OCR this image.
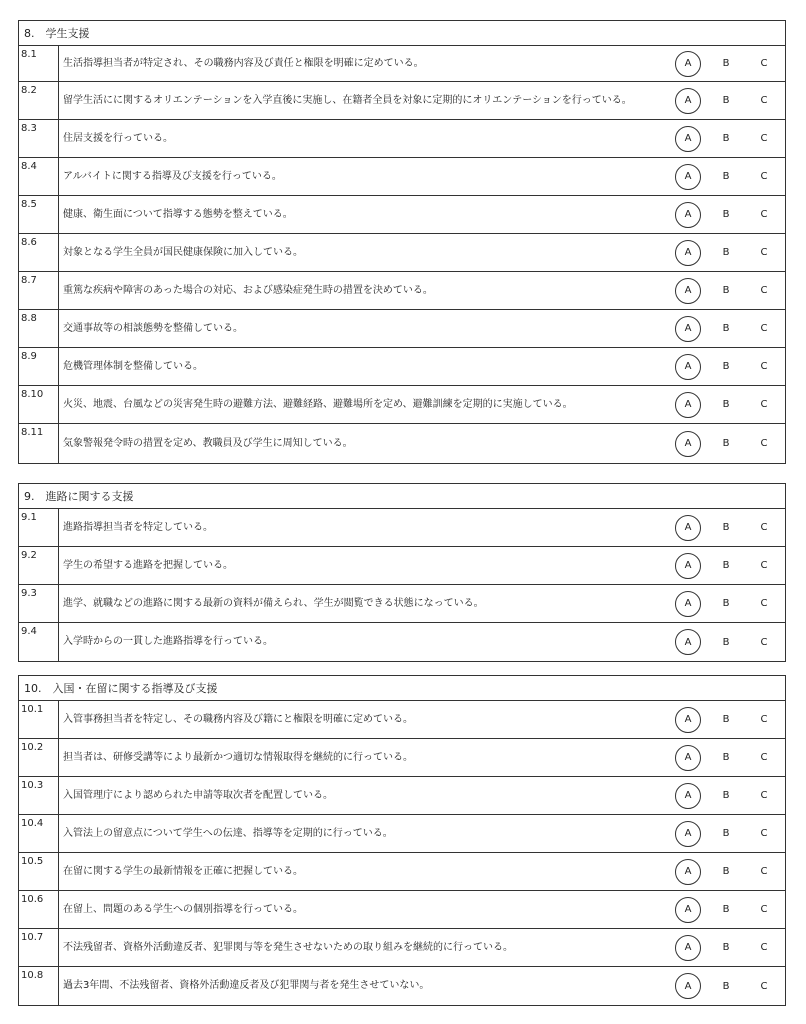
8.　学生支援
8.1
生活指導担当者が特定され、その職務内容及び責任と権限を明確に定めている。	A	B	C
8.2
留学生活にに関するオリエンテーションを入学直後に実施し、在籍者全員を対象に定期的にオリエンテーションを行っている。	A	B	C
8.3
住居支援を行っている。	A	B	C
8.4
アルバイトに関する指導及び支援を行っている。	A	B	C
8.5
健康、衛生面について指導する態勢を整えている。	A	B	C
8.6
対象となる学生全員が国民健康保険に加入している。	A	B	C
8.7
重篤な疾病や障害のあった場合の対応、および感染症発生時の措置を決めている。	A	B	C
8.8
交通事故等の相談態勢を整備している。	A	B	C
8.9
危機管理体制を整備している。	A	B	C
8.10
火災、地震、台風などの災害発生時の避難方法、避難経路、避難場所を定め、避難訓練を定期的に実施している。	A	B	C
8.11
気象警報発令時の措置を定め、教職員及び学生に周知している。	A	B	C
9.　進路に関する支援
9.1
進路指導担当者を特定している。	A	B	C
9.2
学生の希望する進路を把握している。	A	B	C
9.3
進学、就職などの進路に関する最新の資料が備えられ、学生が閲覧できる状態になっている。	A	B	C
9.4
入学時からの一貫した進路指導を行っている。	A	B	C
10.　入国・在留に関する指導及び支援
10.1
入管事務担当者を特定し、その職務内容及び籍にと権限を明確に定めている。	A	B	C
10.2
担当者は、研修受講等により最新かつ適切な情報取得を継続的に行っている。	A	B	C
10.3
入国管理庁により認められた申請等取次者を配置している。	A	B	C
10.4
入管法上の留意点について学生への伝達、指導等を定期的に行っている。	A	B	C
10.5
在留に関する学生の最新情報を正確に把握している。	A	B	C
10.6
在留上、問題のある学生への個別指導を行っている。	A	B	C
10.7
不法残留者、資格外活動違反者、犯罪関与等を発生させないための取り組みを継続的に行っている。	A	B	C
10.8
過去3年間、不法残留者、資格外活動違反者及び犯罪関与者を発生させていない。	A	B	C
